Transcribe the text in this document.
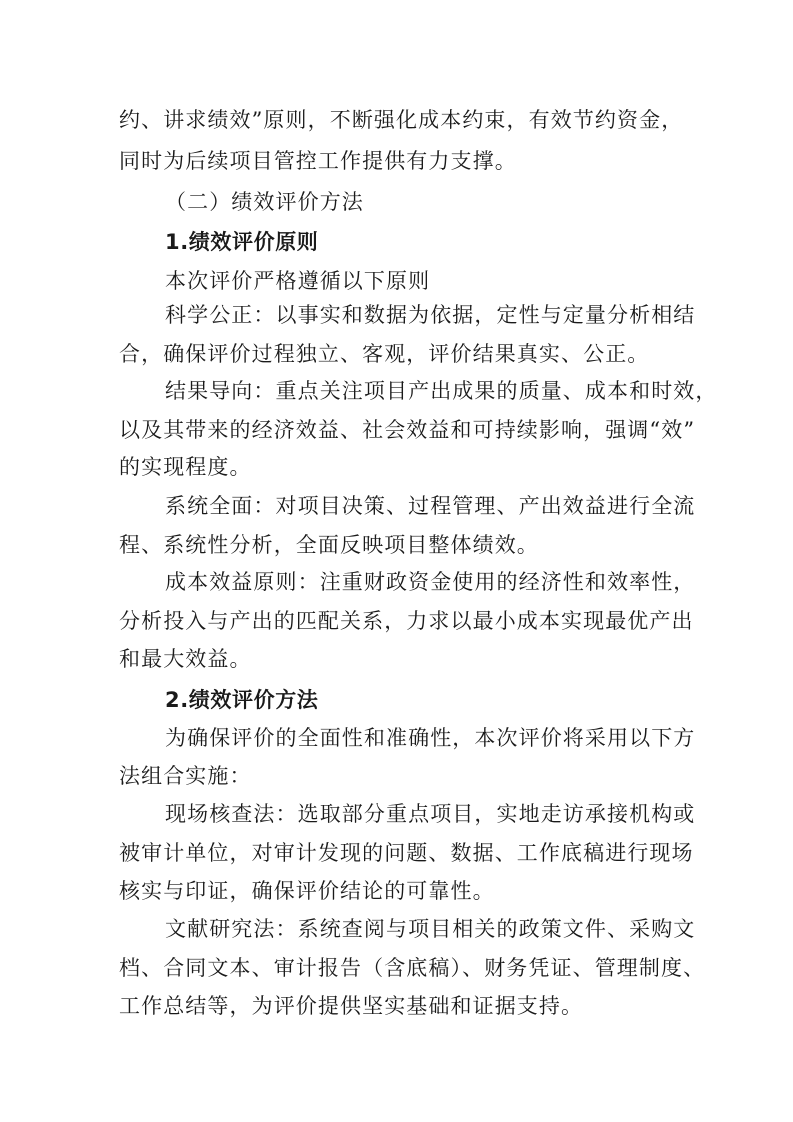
约、讲求绩效”原则，不断强化成本约束，有效节约资金，
同时为后续项目管控工作提供有力支撑。
（二）绩效评价方法
1.绩效评价原则
本次评价严格遵循以下原则
科学公正：以事实和数据为依据，定性与定量分析相结
合，确保评价过程独立、客观，评价结果真实、公正。
结果导向：重点关注项目产出成果的质量、成本和时效，
以及其带来的经济效益、社会效益和可持续影响，强调“效”
的实现程度。
系统全面：对项目决策、过程管理、产出效益进行全流
程、系统性分析，全面反映项目整体绩效。
成本效益原则：注重财政资金使用的经济性和效率性，
分析投入与产出的匹配关系，力求以最小成本实现最优产出
和最大效益。
2.绩效评价方法
为确保评价的全面性和准确性，本次评价将采用以下方
法组合实施：
现场核查法：选取部分重点项目，实地走访承接机构或
被审计单位，对审计发现的问题、数据、工作底稿进行现场
核实与印证，确保评价结论的可靠性。
文献研究法：系统查阅与项目相关的政策文件、采购文
档、合同文本、审计报告（含底稿）、财务凭证、管理制度、
工作总结等，为评价提供坚实基础和证据支持。
